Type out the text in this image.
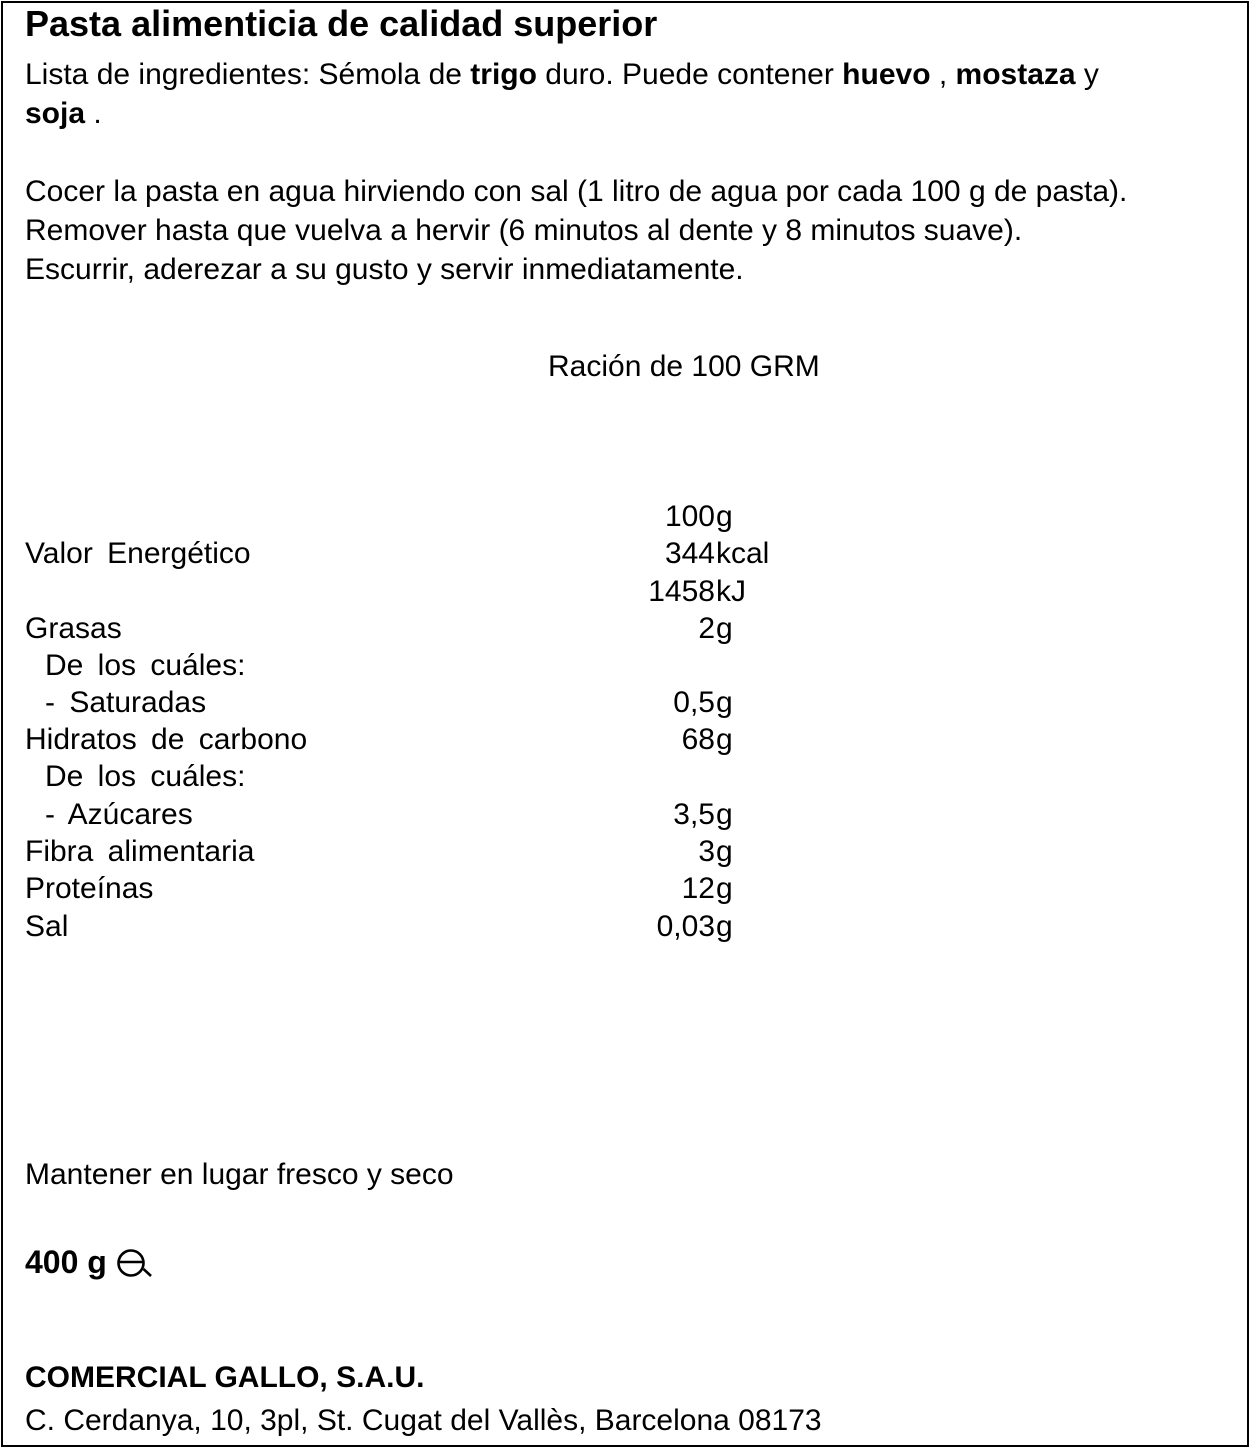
Pasta alimenticia de calidad superior
Lista de ingredientes: Sémola de trigo duro. Puede contener huevo , mostaza y
soja .
Cocer la pasta en agua hirviendo con sal (1 litro de agua por cada 100 g de pasta).
Remover hasta que vuelva a hervir (6 minutos al dente y 8 minutos suave).
Escurrir, aderezar a su gusto y servir inmediatamente.
Ración de 100 GRM
100 g
Valor Energético	344 kcal
1458 kJ
Grasas	2 g
De los cuáles:
- Saturadas	0,5 g
Hidratos de carbono	68 g
De los cuáles:
- Azúcares	3,5 g
Fibra alimentaria	3 g
Proteínas	12 g
Sal	0,03 g
Mantener en lugar fresco y seco
400 g
COMERCIAL GALLO, S.A.U.
C. Cerdanya, 10, 3pl, St. Cugat del Vallès, Barcelona 08173
